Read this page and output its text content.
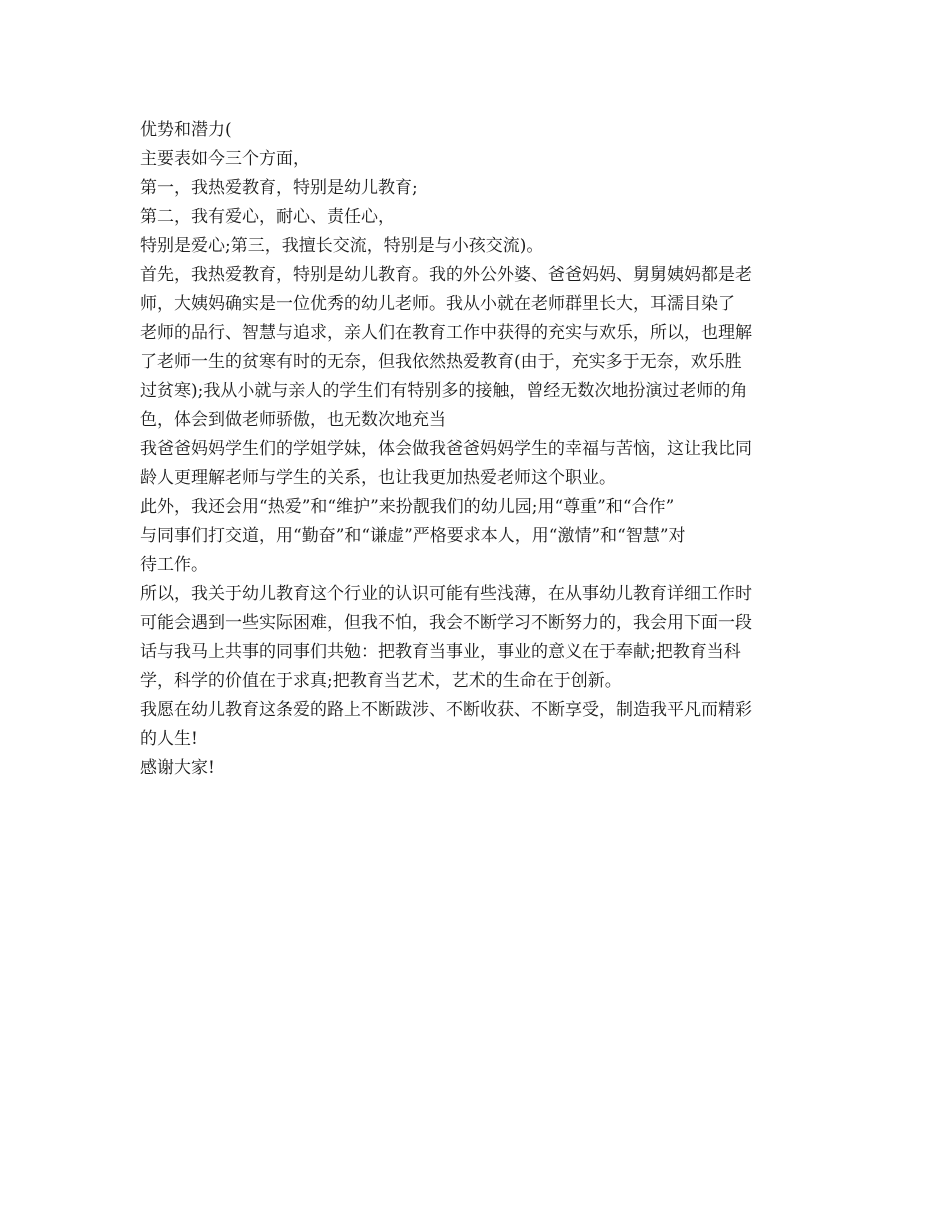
优势和潜力(
主要表如今三个方面，
第一，我热爱教育，特别是幼儿教育;
第二，我有爱心，耐心、责任心，
特别是爱心;第三，我擅长交流，特别是与小孩交流)。
首先，我热爱教育，特别是幼儿教育。我的外公外婆、爸爸妈妈、舅舅姨妈都是老
师，大姨妈确实是一位优秀的幼儿老师。我从小就在老师群里长大，耳濡目染了
老师的品行、智慧与追求，亲人们在教育工作中获得的充实与欢乐，所以，也理解
了老师一生的贫寒有时的无奈，但我依然热爱教育(由于，充实多于无奈，欢乐胜
过贫寒);我从小就与亲人的学生们有特别多的接触，曾经无数次地扮演过老师的角
色，体会到做老师骄傲，也无数次地充当
我爸爸妈妈学生们的学姐学妹，体会做我爸爸妈妈学生的幸福与苦恼，这让我比同
龄人更理解老师与学生的关系，也让我更加热爱老师这个职业。
此外，我还会用“热爱”和“维护”来扮靓我们的幼儿园;用“尊重”和“合作”
与同事们打交道，用“勤奋”和“谦虚”严格要求本人，用“激情”和“智慧”对
待工作。
所以，我关于幼儿教育这个行业的认识可能有些浅薄，在从事幼儿教育详细工作时
可能会遇到一些实际困难，但我不怕，我会不断学习不断努力的，我会用下面一段
话与我马上共事的同事们共勉：把教育当事业，事业的意义在于奉献;把教育当科
学，科学的价值在于求真;把教育当艺术，艺术的生命在于创新。
我愿在幼儿教育这条爱的路上不断跋涉、不断收获、不断享受，制造我平凡而精彩
的人生!
感谢大家!
